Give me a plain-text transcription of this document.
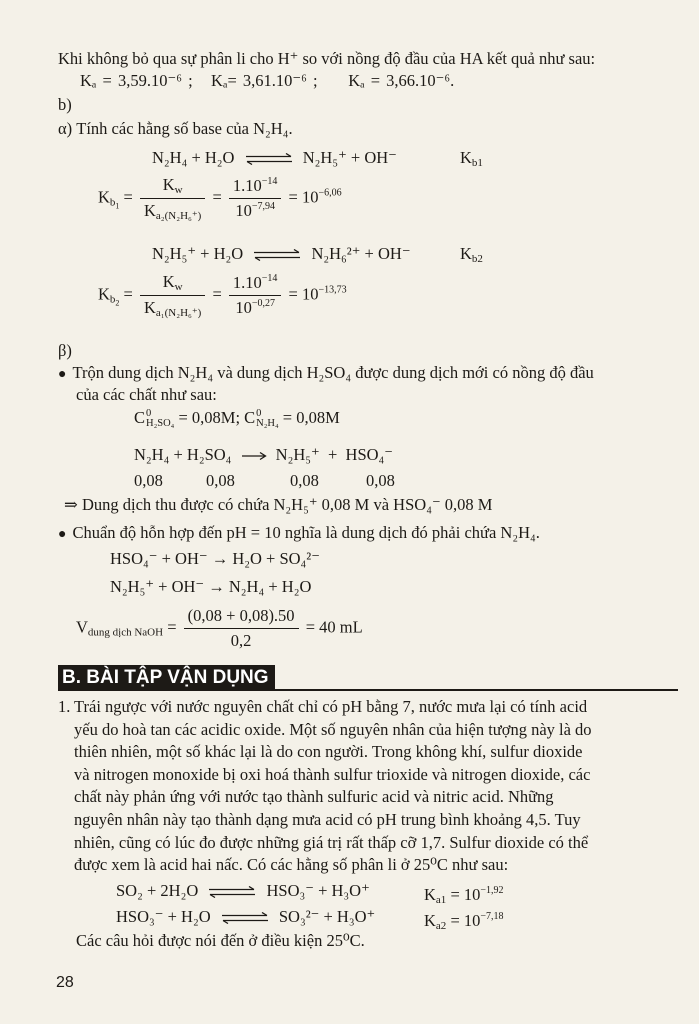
Khi không bỏ qua sự phân li cho H⁺ so với nồng độ đầu của HA kết quả như sau:
Kₐ = 3,59.10⁻⁶ ; Kₐ= 3,61.10⁻⁶ ; Kₐ = 3,66.10⁻⁶.
b)
α) Tính các hằng số base của N₂H₄.
N₂H₄ + H₂O	N₂H₅⁺ + OH⁻	$K_{b1}$
$K_{b1} = \frac{K_w}{K_{a_2(N_2H_6^+)}} = \frac{1.10^{-14}}{10^{-7,94}} = 10^{-6,06}$
N₂H₅⁺ + H₂O	N₂H₆²⁺ + OH⁻	$K_{b2}$
$K_{b2} = \frac{K_w}{K_{a_1(N_2H_6^+)}} = \frac{1.10^{-14}}{10^{-0,27}} = 10^{-13,73}$
β)
● Trộn dung dịch N₂H₄ và dung dịch H₂SO₄ được dung dịch mới có nồng độ đầu
của các chất như sau:
C 0
H₂SO₄ = 0,08M; C 0
N₂H₄ = 0,08M
N₂H₄ + H₂SO₄	N₂H₅⁺ + HSO₄⁻
0,08	0,08	0,08	0,08
⇒ Dung dịch thu được có chứa N₂H₅⁺ 0,08 M và HSO₄⁻ 0,08 M
● Chuẩn độ hỗn hợp đến pH = 10 nghĩa là dung dịch đó phải chứa N₂H₄.
HSO₄⁻ + OH⁻ → H₂O + SO₄²⁻
N₂H₅⁺ + OH⁻ → N₂H₄ + H₂O
$V_{dung dịch NaOH} = \frac{(0,08 + 0,08).50}{0,2} = 40$ mL
B. BÀI TẬP VẬN DỤNG
1. Trái ngược với nước nguyên chất chỉ có pH bằng 7, nước mưa lại có tính acid
yếu do hoà tan các acidic oxide. Một số nguyên nhân của hiện tượng này là do
thiên nhiên, một số khác lại là do con người. Trong không khí, sulfur dioxide
và nitrogen monoxide bị oxi hoá thành sulfur trioxide và nitrogen dioxide, các
chất này phản ứng với nước tạo thành sulfuric acid và nitric acid. Những
nguyên nhân này tạo thành dạng mưa acid có pH trung bình khoảng 4,5. Tuy
nhiên, cũng có lúc đo được những giá trị rất thấp cỡ 1,7. Sulfur dioxide có thể
được xem là acid hai nấc. Có các hằng số phân li ở 25⁰C như sau:
SO₂ + 2H₂O	HSO₃⁻ + H₃O⁺	$K_{a1} = 10^{-1,92}$
HSO₃⁻ + H₂O	SO₃²⁻ + H₃O⁺	$K_{a2} = 10^{-7,18}$
Các câu hỏi được nói đến ở điều kiện 25⁰C.
28
